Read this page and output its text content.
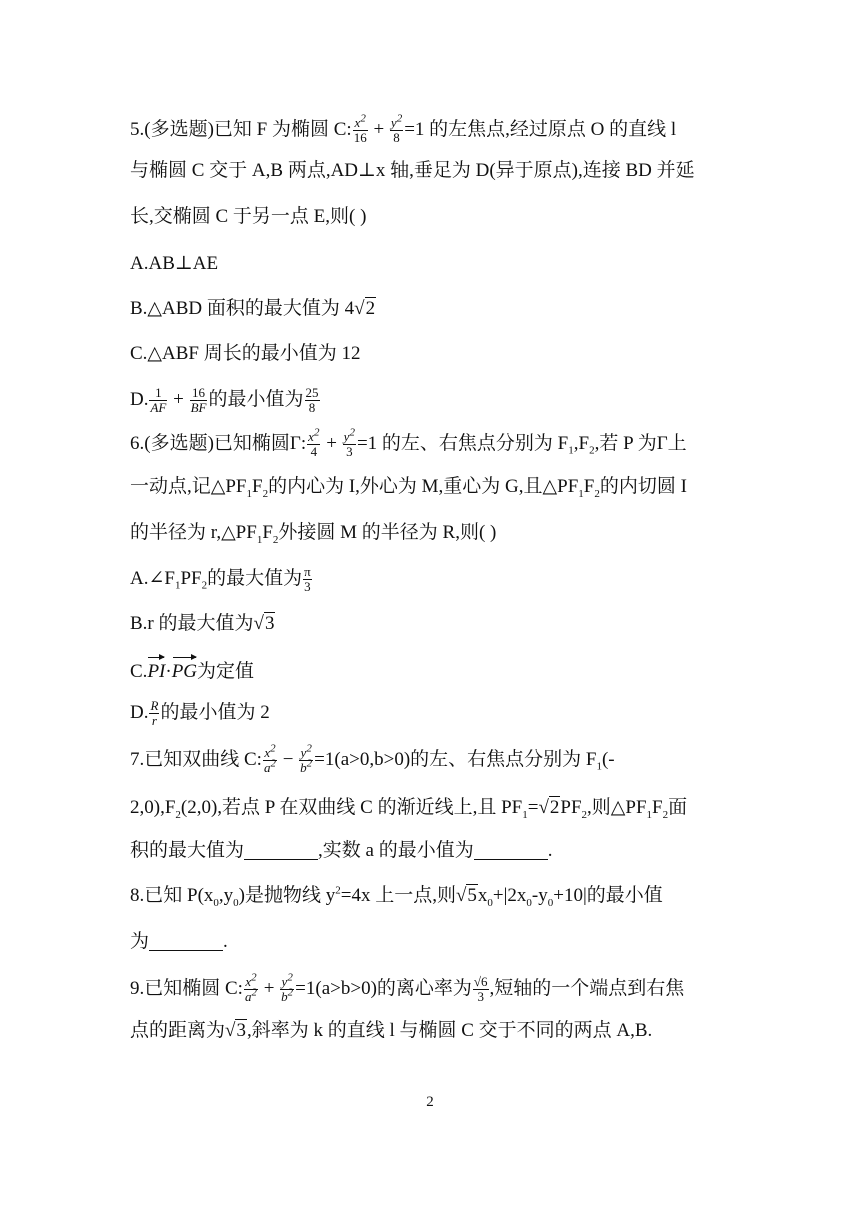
5.(多选题)已知 F 为椭圆 C: $\frac{x^2}{16} + \frac{y^2}{8} =1$ 的左焦点,经过原点 O 的直线 l
与椭圆 C 交于 A,B 两点,AD⊥x 轴,垂足为 D(异于原点),连接 BD 并延
长,交椭圆 C 于另一点 E,则( )
A.AB⊥AE
B.△ABD 面积的最大值为 4√2
C.△ABF 周长的最小值为 12
D. $\frac{1}{AF} + \frac{16}{BF}$ 的最小值为 $\frac{25}{8}$
6.(多选题)已知椭圆Γ: $\frac{x^2}{4} + \frac{y^2}{3} =1$ 的左、右焦点分别为 $F_1,F_2$,若 P 为Γ上
一动点,记$\triangle PF_1F_2$的内心为 I,外心为 M,重心为 G,且$\triangle PF_1F_2$的内切圆 I
的半径为 $r,\triangle PF_1F_2$外接圆 M 的半径为 R,则( )
$A.\angle F_1PF_2$的最大值为 $\frac{\pi}{3}$
B.r 的最大值为√3
C.PI·PG为定值
D. $\frac{R}{r}$ 的最小值为 2
7.已知双曲线 C: $\frac{x^2}{a^2} - \frac{y^2}{b^2} =1(a>0,b>0)$的左、右焦点分别为 $F_1(-$
$2,0),F_2(2,0)$,若点 P 在双曲线 C 的渐近线上,且 $PF_1=√2PF_2$,则$\triangle PF_1F_2$面
积的最大值为	,实数 a 的最小值为	.
8.已知 $P(x_0,y_0)$是抛物线 $y^2=4x$ 上一点,则$√5x_0+|2x_0-y_0+10|$的最小值
为	.
9.已知椭圆 C: $\frac{x^2}{a^2} + \frac{y^2}{b^2} =1(a>b>0)$的离心率为 $\frac{√6}{3}$ ,短轴的一个端点到右焦
点的距离为√3,斜率为 k 的直线 l 与椭圆 C 交于不同的两点 A,B.
2
